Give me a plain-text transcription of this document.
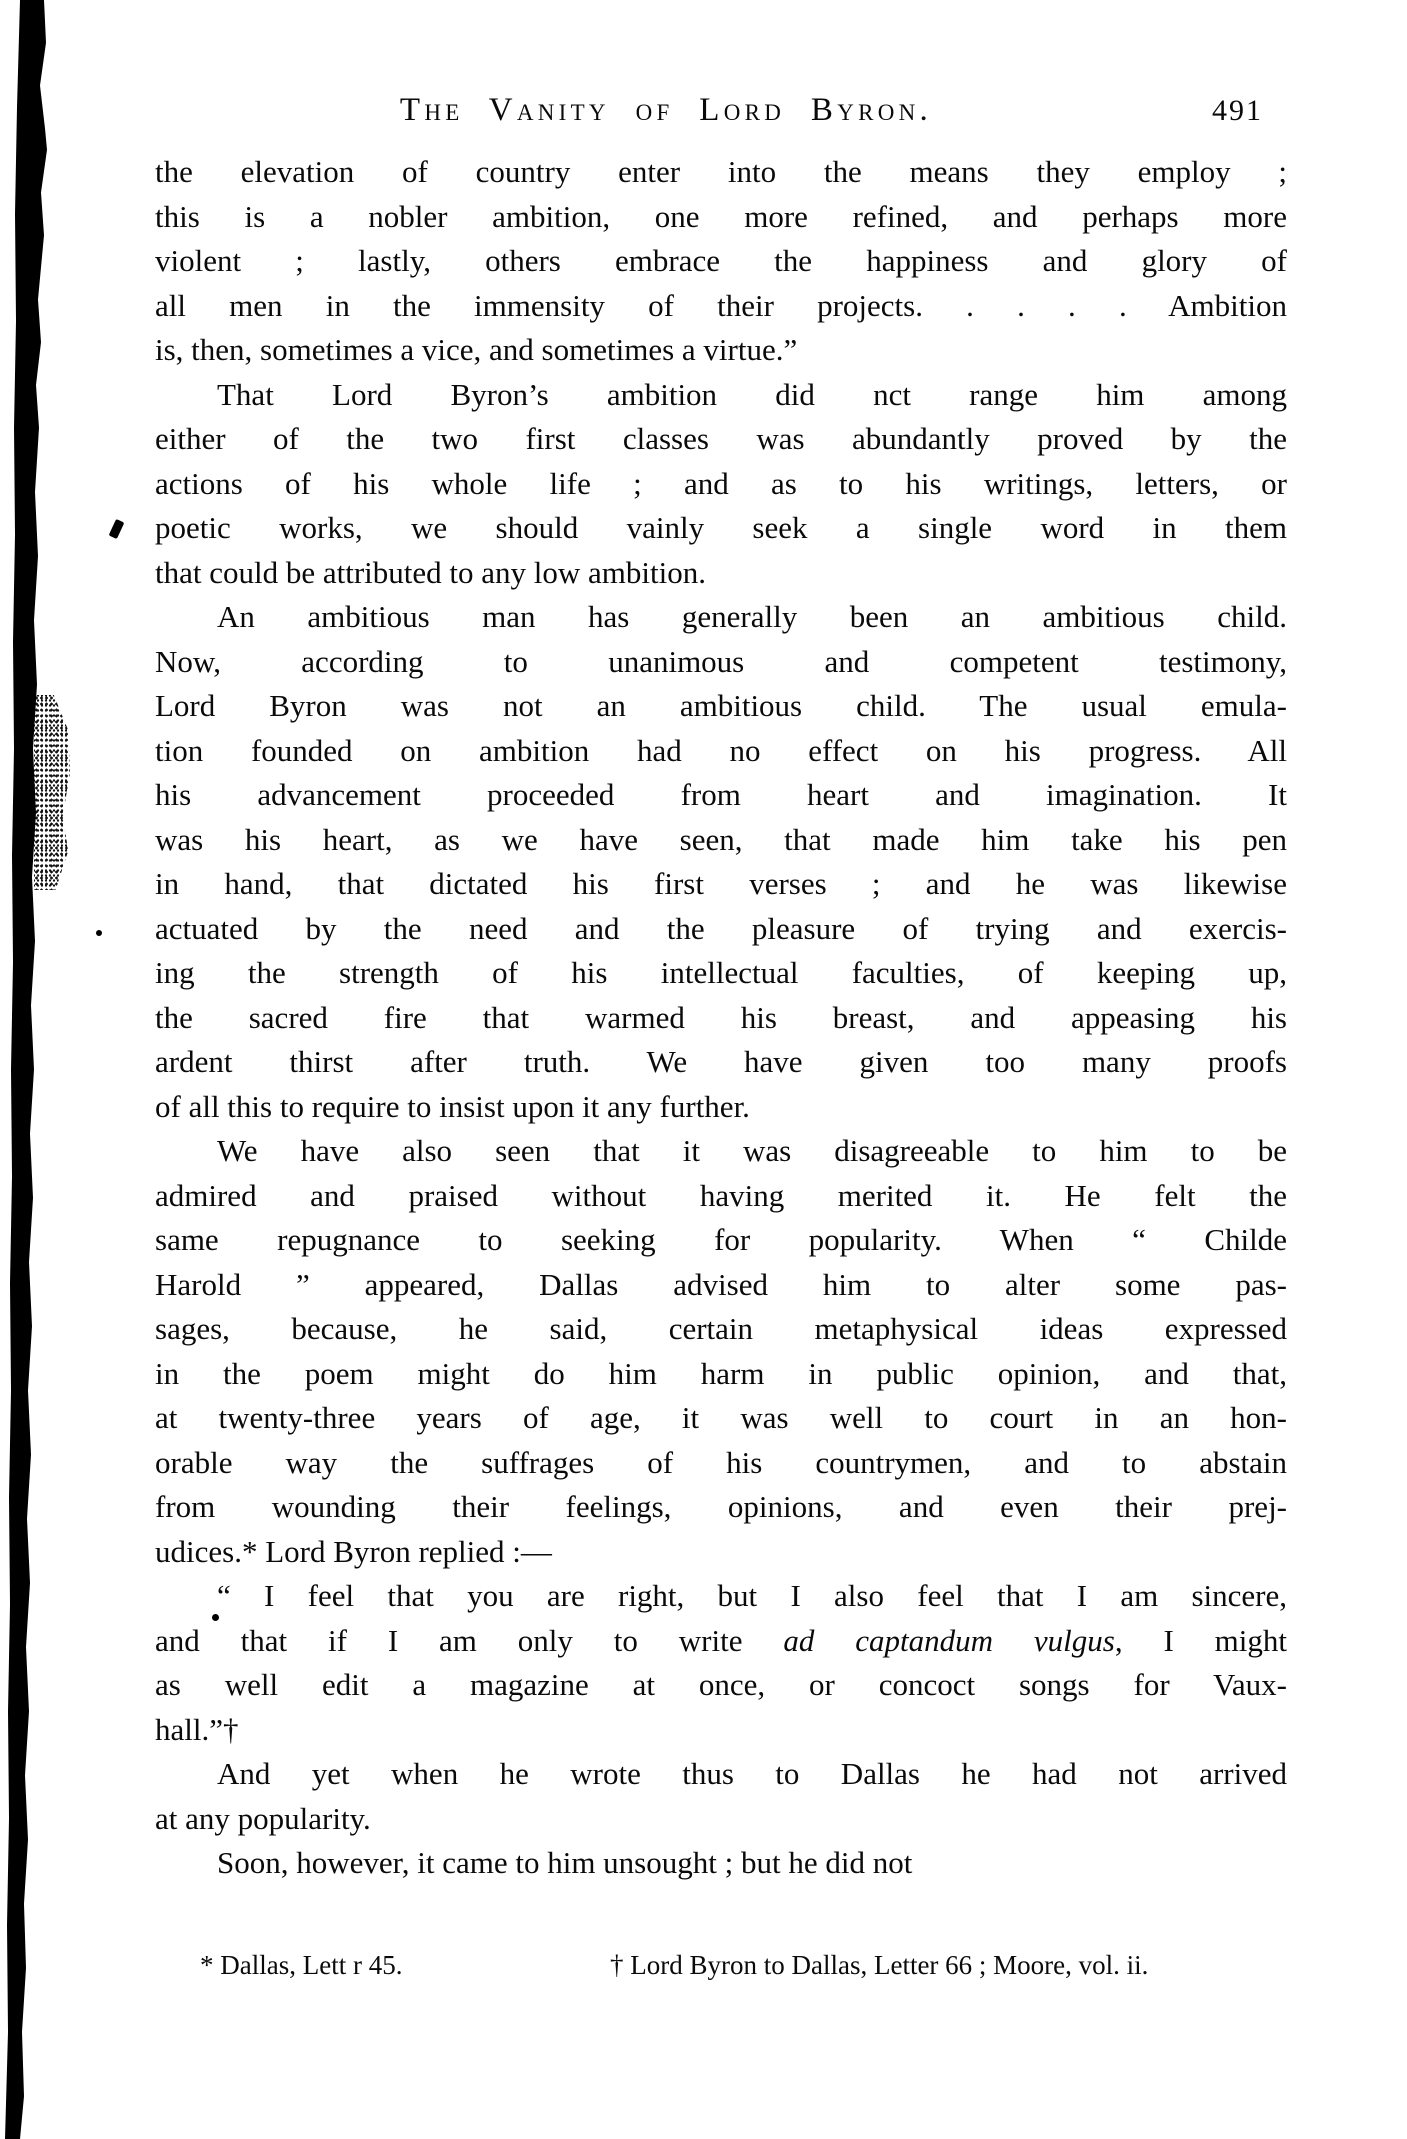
The Vanity of Lord Byron.	491
the elevation of country enter into the means they employ ;
this is a nobler ambition, one more refined, and perhaps more
violent ; lastly, others embrace the happiness and glory of
all men in the immensity of their projects. . . . . Ambition
is, then, sometimes a vice, and sometimes a virtue.”
That Lord Byron’s ambition did nct range him among
either of the two first classes was abundantly proved by the
actions of his whole life ; and as to his writings, letters, or
poetic works, we should vainly seek a single word in them
that could be attributed to any low ambition.
An ambitious man has generally been an ambitious child.
Now, according to unanimous and competent testimony,
Lord Byron was not an ambitious child. The usual emula-
tion founded on ambition had no effect on his progress. All
his advancement proceeded from heart and imagination. It
was his heart, as we have seen, that made him take his pen
in hand, that dictated his first verses ; and he was likewise
actuated by the need and the pleasure of trying and exercis-
ing the strength of his intellectual faculties, of keeping up,
the sacred fire that warmed his breast, and appeasing his
ardent thirst after truth. We have given too many proofs
of all this to require to insist upon it any further.
We have also seen that it was disagreeable to him to be
admired and praised without having merited it. He felt the
same repugnance to seeking for popularity. When “ Childe
Harold ” appeared, Dallas advised him to alter some pas-
sages, because, he said, certain metaphysical ideas expressed
in the poem might do him harm in public opinion, and that,
at twenty-three years of age, it was well to court in an hon-
orable way the suffrages of his countrymen, and to abstain
from wounding their feelings, opinions, and even their prej-
udices.* Lord Byron replied :—
“ I feel that you are right, but I also feel that I am sincere,
and that if I am only to write ad captandum vulgus, I might
as well edit a magazine at once, or concoct songs for Vaux-
hall.”†
And yet when he wrote thus to Dallas he had not arrived
at any popularity.
Soon, however, it came to him unsought ; but he did not
* Dallas, Lett r 45.	† Lord Byron to Dallas, Letter 66 ; Moore, vol. ii.
